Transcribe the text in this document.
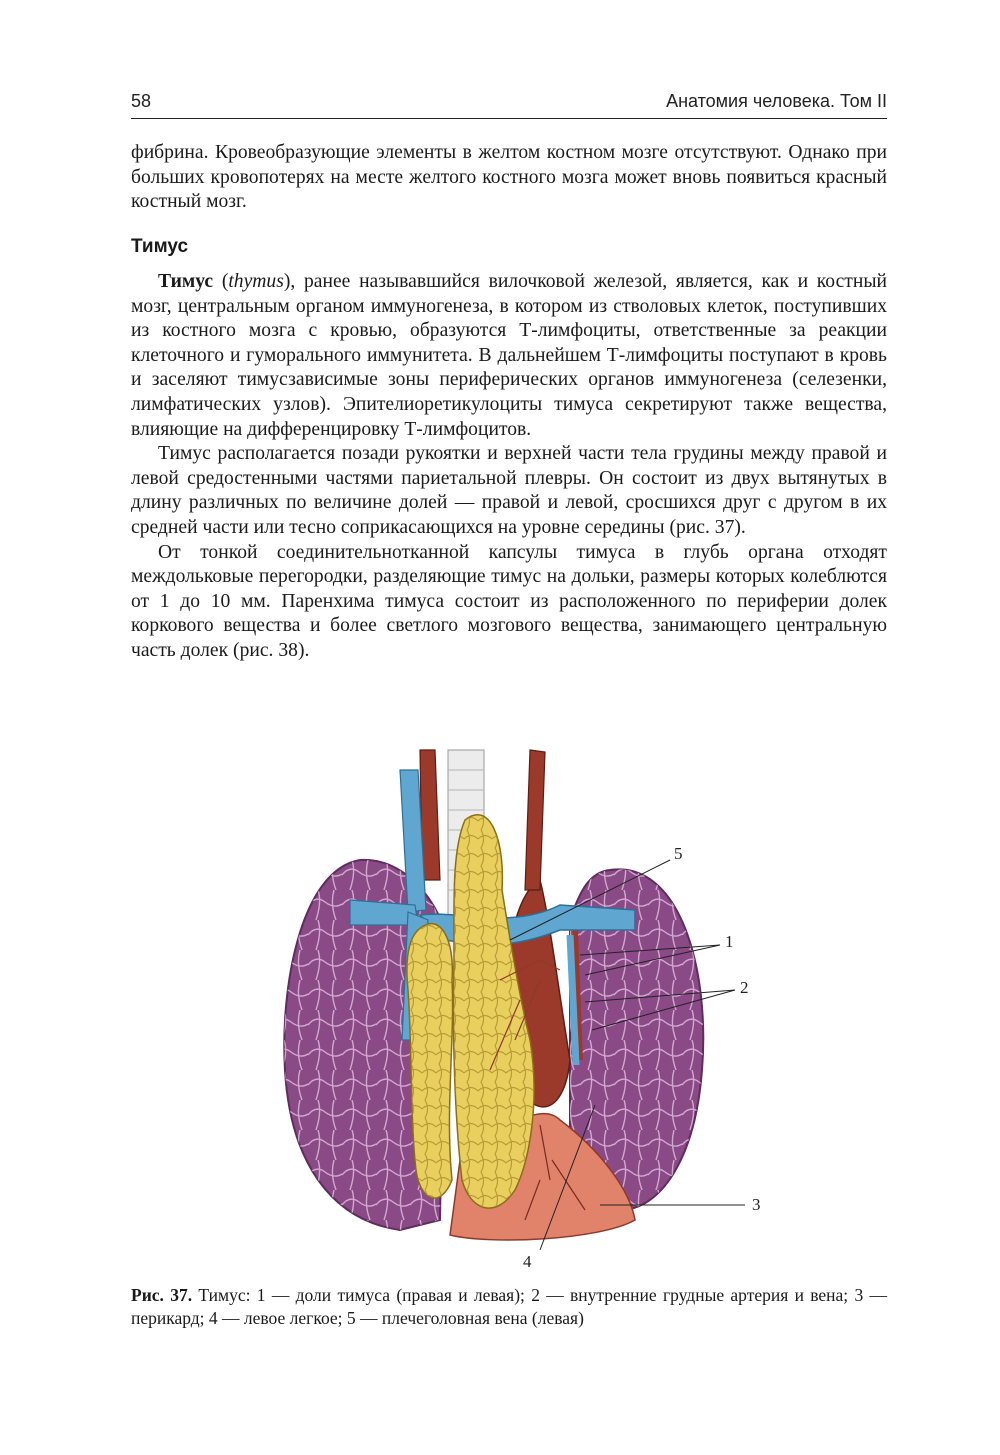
58	Анатомия человека. Том II

фибрина. Кровеобразующие элементы в желтом костном мозге отсутствуют. Однако при больших кровопотерях на месте желтого костного мозга может вновь появиться красный костный мозг.

Тимус

Тимус (thymus), ранее называвшийся вилочковой железой, является, как и костный мозг, центральным органом иммуногенеза, в котором из стволовых клеток, поступивших из костного мозга с кровью, образуются Т-лимфоциты, ответственные за реакции клеточного и гуморального иммунитета. В дальнейшем Т-лимфоциты поступают в кровь и заселяют тимусзависимые зоны периферических органов иммуногенеза (селезенки, лимфатических узлов). Эпителиоретикулоциты тимуса секретируют также вещества, влияющие на дифференцировку Т-лимфоцитов.

Тимус располагается позади рукоятки и верхней части тела грудины между правой и левой средостенными частями париетальной плевры. Он состоит из двух вытянутых в длину различных по величине долей — правой и левой, сросшихся друг с другом в их средней части или тесно соприкасающихся на уровне середины (рис. 37).

От тонкой соединительнотканной капсулы тимуса в глубь органа отходят междольковые перегородки, разделяющие тимус на дольки, размеры которых колеблются от 1 до 10 мм. Паренхима тимуса состоит из расположенного по периферии долек коркового вещества и более светлого мозгового вещества, занимающего центральную часть долек (рис. 38).

5
1
2
3
4
Рис. 37. Тимус: 1 — доли тимуса (правая и левая); 2 — внутренние грудные артерия и вена; 3 — перикард; 4 — левое легкое; 5 — плечеголовная вена (левая)
